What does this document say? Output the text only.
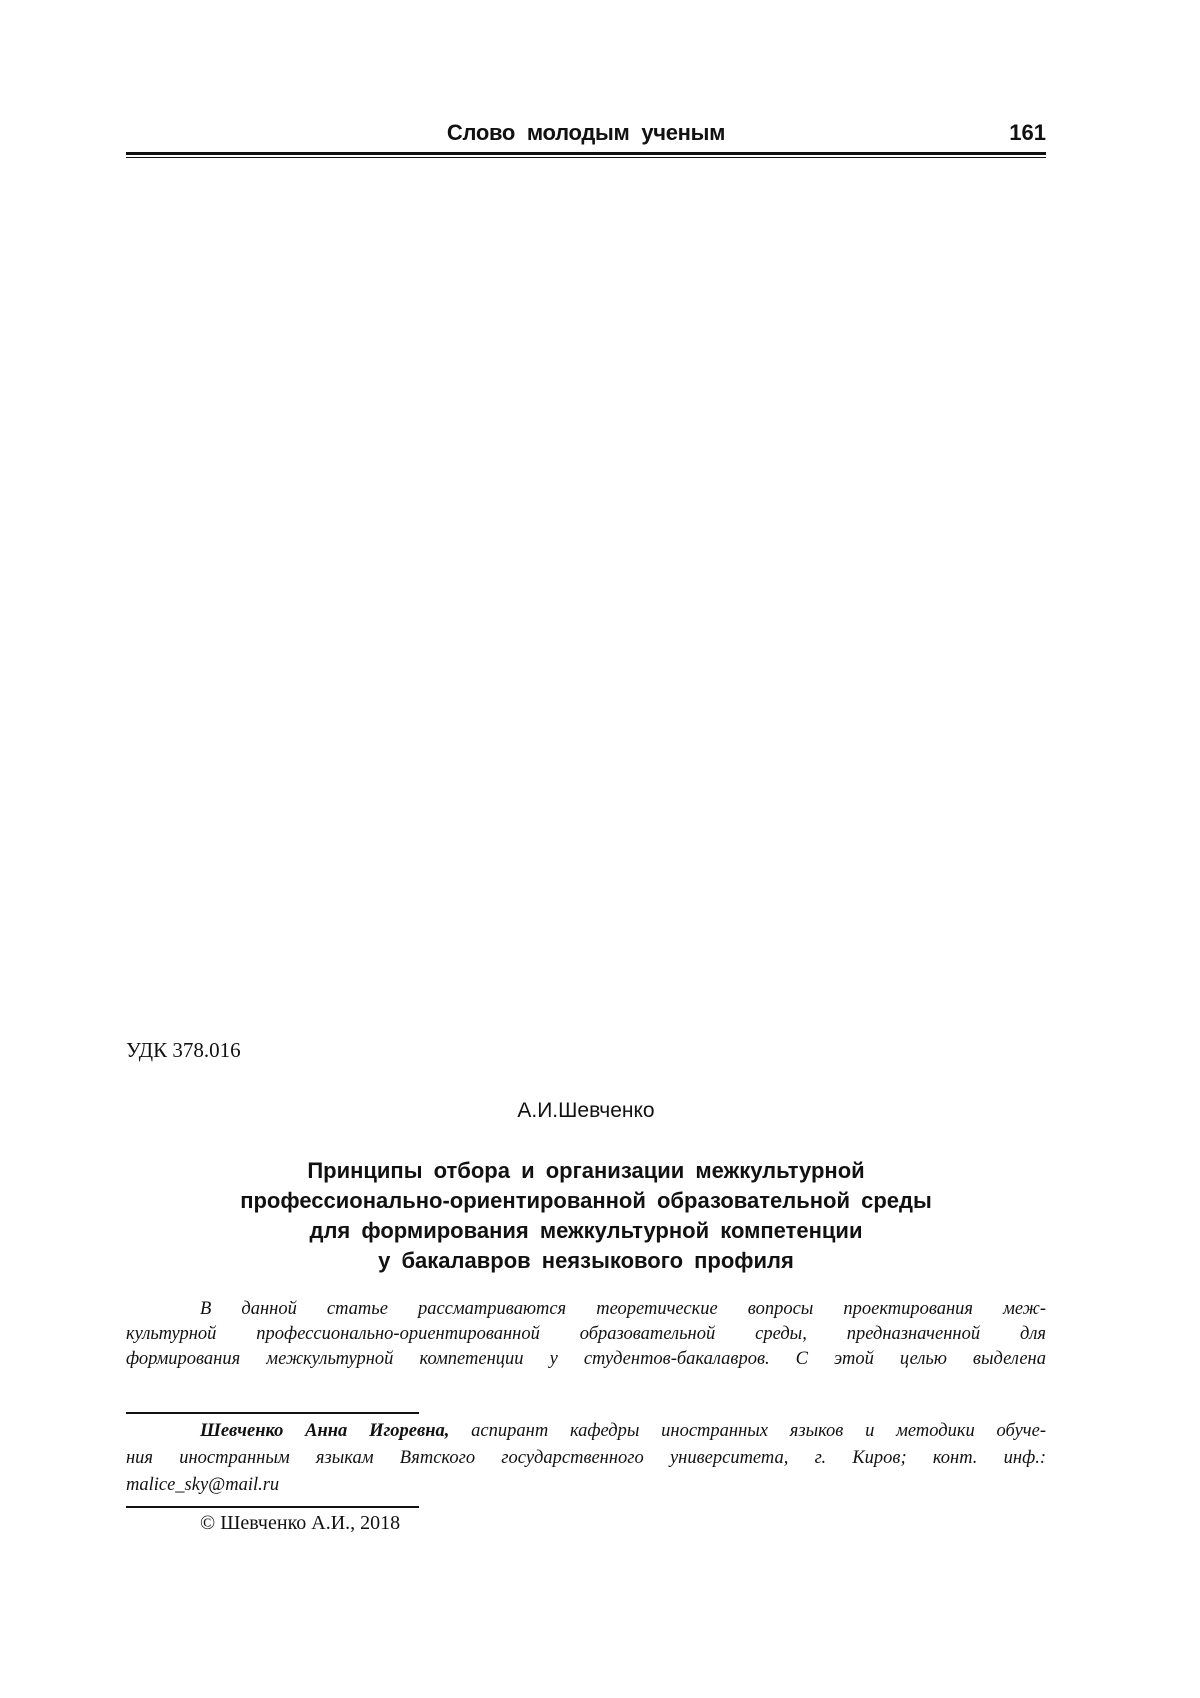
Слово молодым ученым	161
УДК 378.016
А.И.Шевченко
Принципы отбора и организации межкультурной
профессионально-ориентированной образовательной среды
для формирования межкультурной компетенции
у бакалавров неязыкового профиля
В данной статье рассматриваются теоретические вопросы проектирования меж-
культурной профессионально-ориентированной образовательной среды, предназначенной для
формирования межкультурной компетенции у студентов-бакалавров. С этой целью выделена
Шевченко Анна Игоревна, аспирант кафедры иностранных языков и методики обуче-
ния иностранным языкам Вятского государственного университета, г. Киров; конт. инф.:
malice_sky@mail.ru
© Шевченко А.И., 2018
